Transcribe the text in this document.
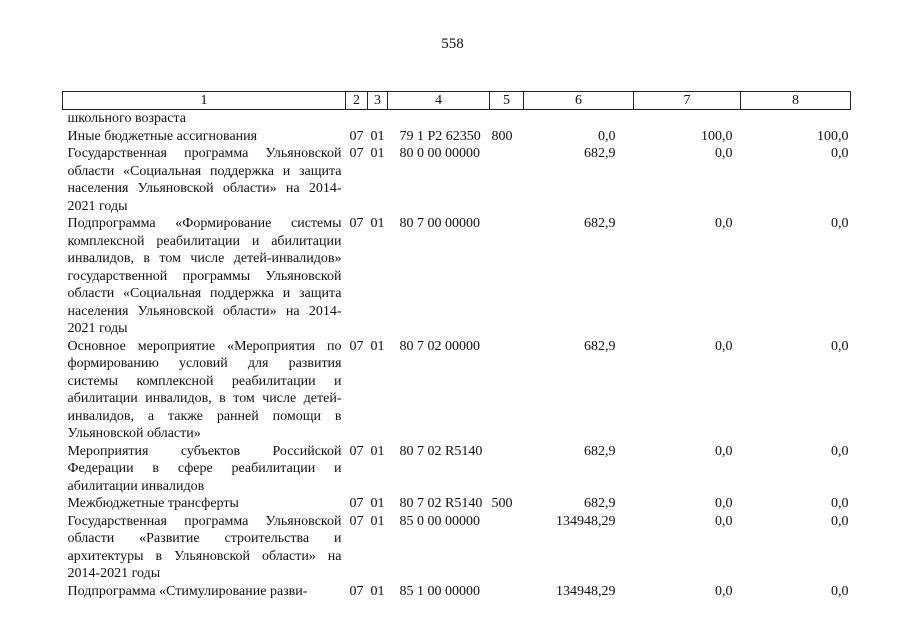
558
1	2	3	4	5	6	7	8
школьного возраста							
Иные бюджетные ассигнования	07	01	79 1 P2 62350	800	0,0	100,0	100,0
Государственная программа Ульяновской области «Социальная поддержка и защита населения Ульяновской области» на 2014-2021 годы	07	01	80 0 00 00000		682,9	0,0	0,0
Подпрограмма «Формирование системы комплексной реабилитации и абилитации инвалидов, в том числе детей-инвалидов» государственной программы Ульяновской области «Социальная поддержка и защита населения Ульяновской области» на 2014-2021 годы	07	01	80 7 00 00000		682,9	0,0	0,0
Основное мероприятие «Мероприятия по формированию условий для развития системы комплексной реабилитации и абилитации инвалидов, в том числе детей-инвалидов, а также ранней помощи в Ульяновской области»	07	01	80 7 02 00000		682,9	0,0	0,0
Мероприятия субъектов Российской Федерации в сфере реабилитации и абилитации инвалидов	07	01	80 7 02 R5140		682,9	0,0	0,0
Межбюджетные трансферты	07	01	80 7 02 R5140	500	682,9	0,0	0,0
Государственная программа Ульяновской области «Развитие строительства и архитектуры в Ульяновской области» на 2014-2021 годы	07	01	85 0 00 00000		134948,29	0,0	0,0
Подпрограмма «Стимулирование разви-	07	01	85 1 00 00000		134948,29	0,0	0,0
